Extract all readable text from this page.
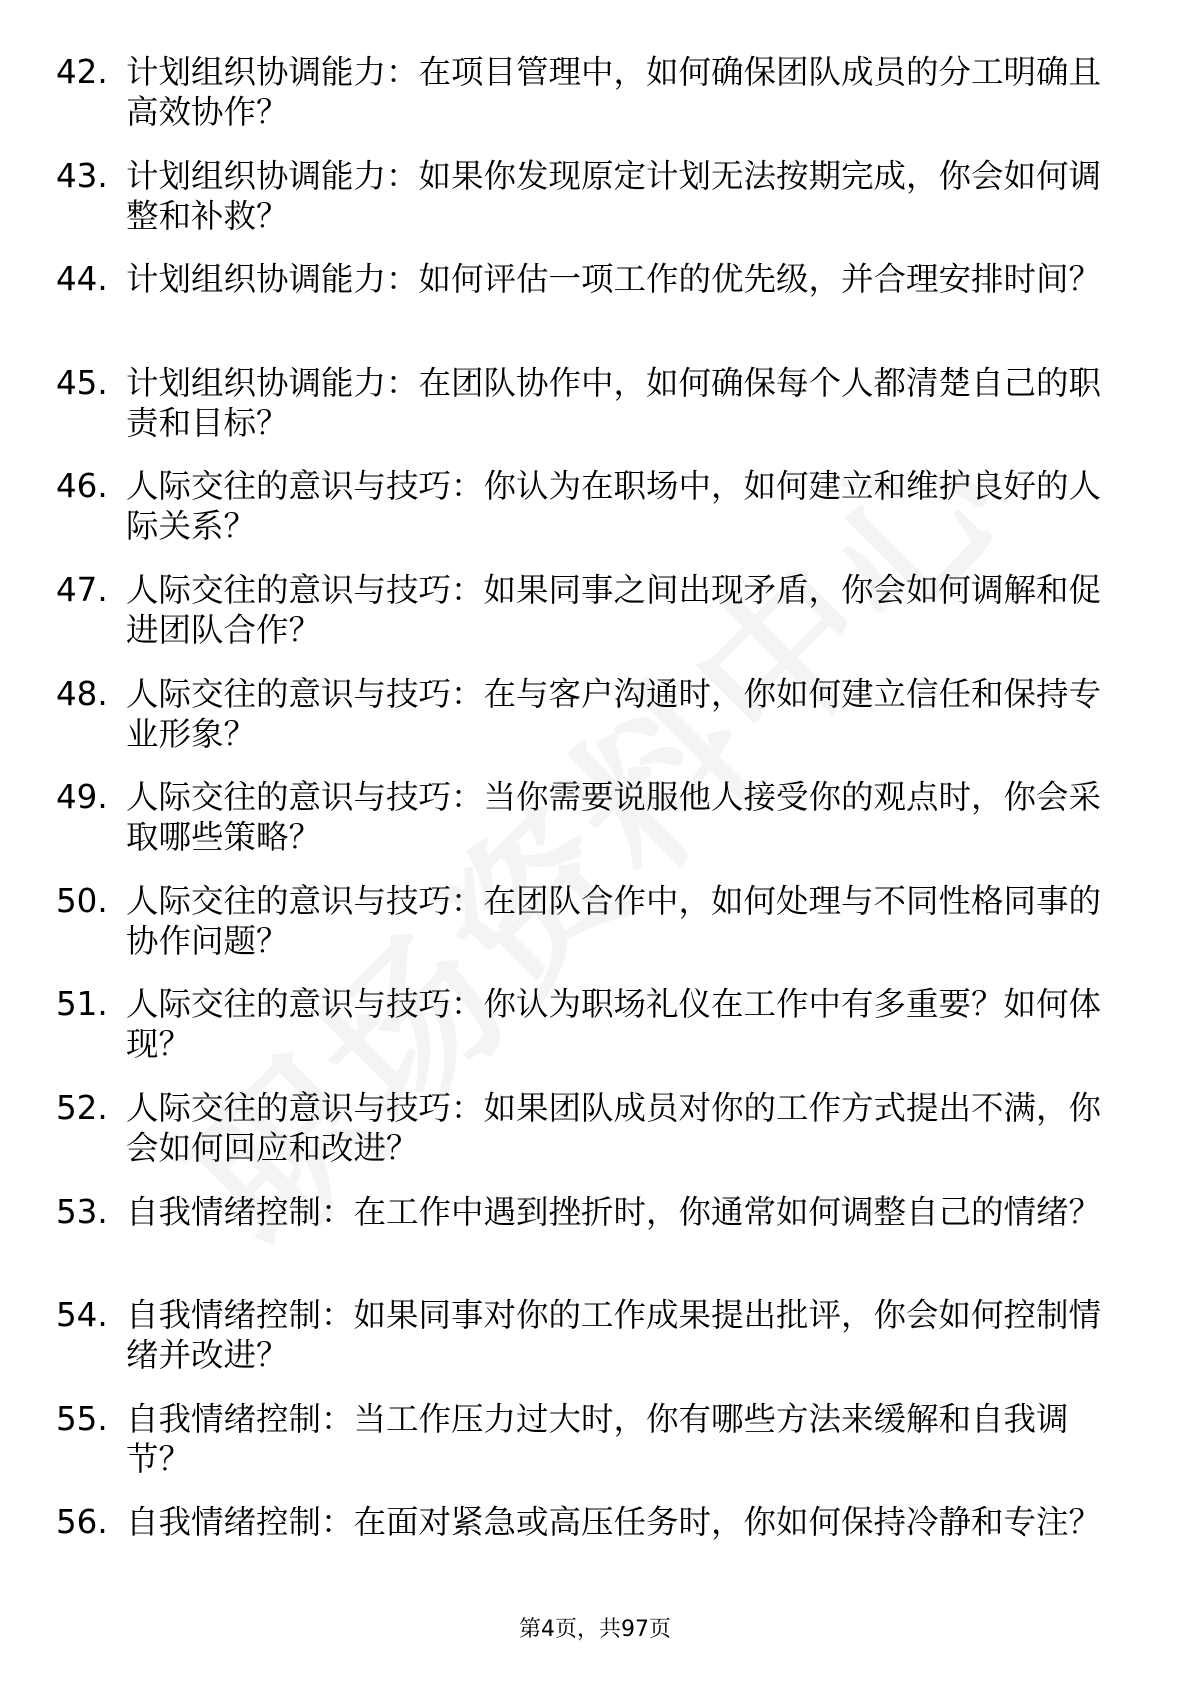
42. 计划组织协调能力：在项目管理中，如何确保团队成员的分工明确且高效协作？
43. 计划组织协调能力：如果你发现原定计划无法按期完成，你会如何调整和补救？
44. 计划组织协调能力：如何评估一项工作的优先级，并合理安排时间？
45. 计划组织协调能力：在团队协作中，如何确保每个人都清楚自己的职责和目标？
46. 人际交往的意识与技巧：你认为在职场中，如何建立和维护良好的人际关系？
47. 人际交往的意识与技巧：如果同事之间出现矛盾，你会如何调解和促进团队合作？
48. 人际交往的意识与技巧：在与客户沟通时，你如何建立信任和保持专业形象？
49. 人际交往的意识与技巧：当你需要说服他人接受你的观点时，你会采取哪些策略？
50. 人际交往的意识与技巧：在团队合作中，如何处理与不同性格同事的协作问题？
51. 人际交往的意识与技巧：你认为职场礼仪在工作中有多重要？如何体现？
52. 人际交往的意识与技巧：如果团队成员对你的工作方式提出不满，你会如何回应和改进？
53. 自我情绪控制：在工作中遇到挫折时，你通常如何调整自己的情绪？
54. 自我情绪控制：如果同事对你的工作成果提出批评，你会如何控制情绪并改进？
55. 自我情绪控制：当工作压力过大时，你有哪些方法来缓解和自我调节？
56. 自我情绪控制：在面对紧急或高压任务时，你如何保持冷静和专注？
第4页，共97页
